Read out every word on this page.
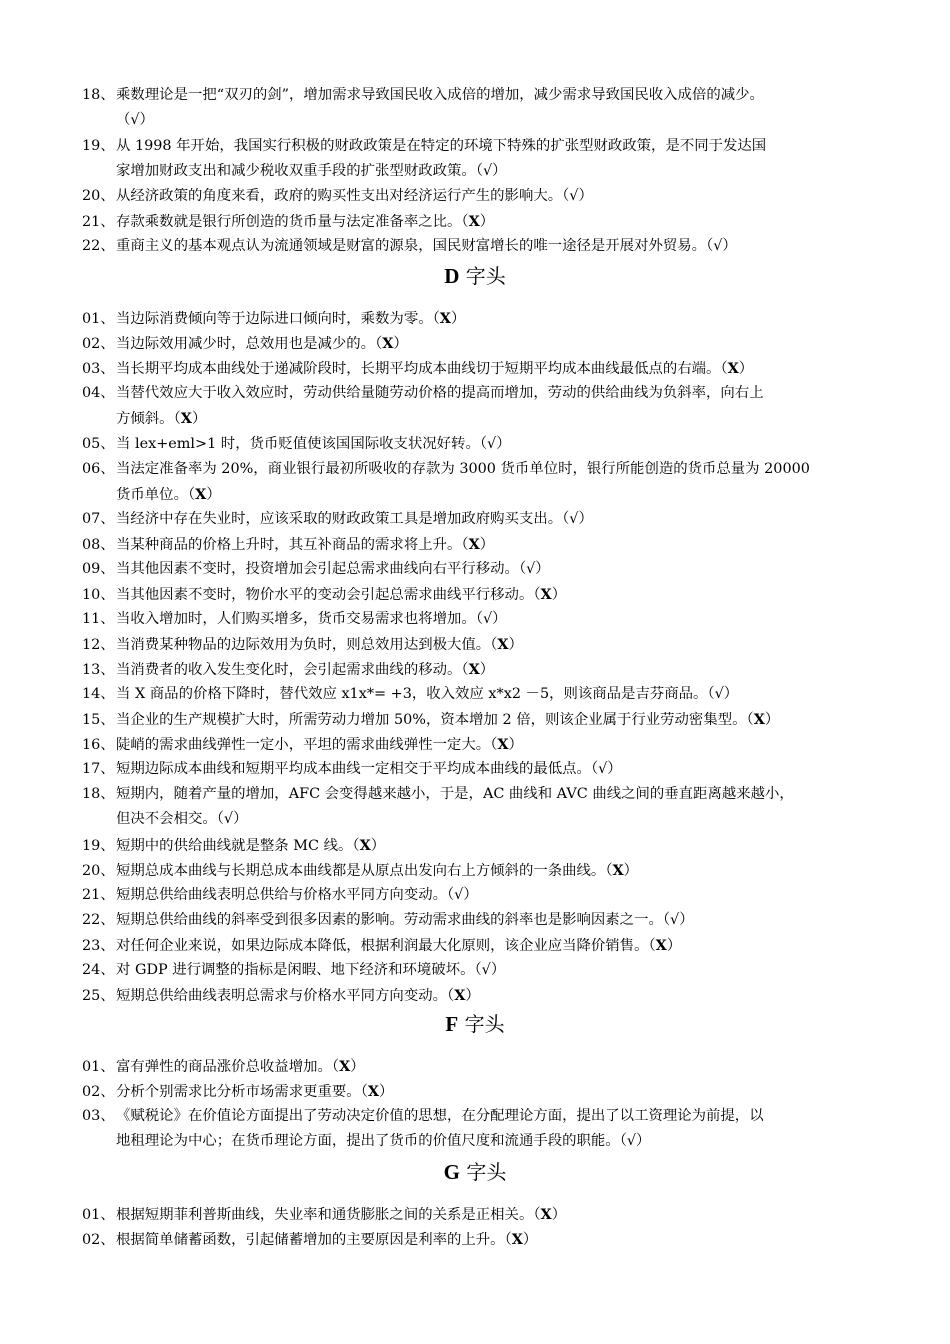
18、乘数理论是一把“双刃的剑”，增加需求导致国民收入成倍的增加，减少需求导致国民收入成倍的减少。
（√）
19、从 1998 年开始，我国实行积极的财政政策是在特定的环境下特殊的扩张型财政政策，是不同于发达国
家增加财政支出和减少税收双重手段的扩张型财政政策。（√）
20、从经济政策的角度来看，政府的购买性支出对经济运行产生的影响大。（√）
21、存款乘数就是银行所创造的货币量与法定准备率之比。（X）
22、重商主义的基本观点认为流通领域是财富的源泉，国民财富增长的唯一途径是开展对外贸易。（√）
D 字头
01、当边际消费倾向等于边际进口倾向时，乘数为零。（X）
02、当边际效用减少时，总效用也是减少的。（X）
03、当长期平均成本曲线处于递减阶段时，长期平均成本曲线切于短期平均成本曲线最低点的右端。（X）
04、当替代效应大于收入效应时，劳动供给量随劳动价格的提高而增加，劳动的供给曲线为负斜率，向右上
方倾斜。（X）
05、当 lex+eml>1 时，货币贬值使该国国际收支状况好转。（√）
06、当法定准备率为 20%，商业银行最初所吸收的存款为 3000 货币单位时，银行所能创造的货币总量为 20000
货币单位。（X）
07、当经济中存在失业时，应该采取的财政政策工具是增加政府购买支出。（√）
08、当某种商品的价格上升时，其互补商品的需求将上升。（X）
09、当其他因素不变时，投资增加会引起总需求曲线向右平行移动。（√）
10、当其他因素不变时，物价水平的变动会引起总需求曲线平行移动。（X）
11、当收入增加时，人们购买增多，货币交易需求也将增加。（√）
12、当消费某种物品的边际效用为负时，则总效用达到极大值。（X）
13、当消费者的收入发生变化时，会引起需求曲线的移动。（X）
14、当 X 商品的价格下降时，替代效应 x1x*= +3，收入效应 x*x2 －5，则该商品是吉芬商品。（√）
15、当企业的生产规模扩大时，所需劳动力增加 50%，资本增加 2 倍，则该企业属于行业劳动密集型。（X）
16、陡峭的需求曲线弹性一定小，平坦的需求曲线弹性一定大。（X）
17、短期边际成本曲线和短期平均成本曲线一定相交于平均成本曲线的最低点。（√）
18、短期内，随着产量的增加，AFC 会变得越来越小，于是，AC 曲线和 AVC 曲线之间的垂直距离越来越小，
但决不会相交。（√）
19、短期中的供给曲线就是整条 MC 线。（X）
20、短期总成本曲线与长期总成本曲线都是从原点出发向右上方倾斜的一条曲线。（X）
21、短期总供给曲线表明总供给与价格水平同方向变动。（√）
22、短期总供给曲线的斜率受到很多因素的影响。劳动需求曲线的斜率也是影响因素之一。（√）
23、对任何企业来说，如果边际成本降低，根据利润最大化原则，该企业应当降价销售。（X）
24、对 GDP 进行调整的指标是闲暇、地下经济和环境破坏。（√）
25、短期总供给曲线表明总需求与价格水平同方向变动。（X）
F 字头
01、富有弹性的商品涨价总收益增加。（X）
02、分析个别需求比分析市场需求更重要。（X）
03、《赋税论》在价值论方面提出了劳动决定价值的思想，在分配理论方面，提出了以工资理论为前提，以
地租理论为中心；在货币理论方面，提出了货币的价值尺度和流通手段的职能。（√）
G 字头
01、根据短期菲利普斯曲线，失业率和通货膨胀之间的关系是正相关。（X）
02、根据简单储蓄函数，引起储蓄增加的主要原因是利率的上升。（X）
